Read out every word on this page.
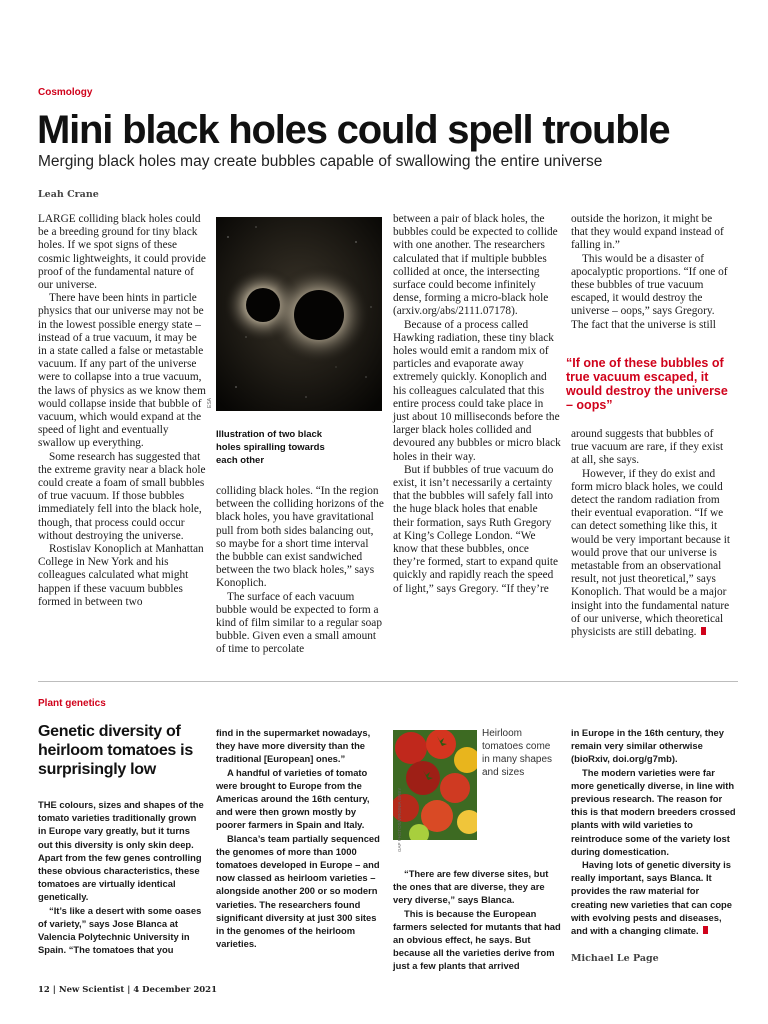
Cosmology
Mini black holes could spell trouble
Merging black holes may create bubbles capable of swallowing the entire universe
Leah Crane

LARGE colliding black holes could be a breeding ground for tiny black holes. If we spot signs of these cosmic lightweights, it could provide proof of the fundamental nature of our universe.

There have been hints in particle physics that our universe may not be in the lowest possible energy state – instead of a true vacuum, it may be in a state called a false or metastable vacuum. If any part of the universe were to collapse into a true vacuum, the laws of physics as we know them would collapse inside that bubble of vacuum, which would expand at the speed of light and eventually swallow up everything.

Some research has suggested that the extreme gravity near a black hole could create a foam of small bubbles of true vacuum. If those bubbles immediately fell into the black hole, though, that process could occur without destroying the universe.

Rostislav Konoplich at Manhattan College in New York and his colleagues calculated what might happen if these vacuum bubbles formed in between two

ESA
Illustration of two black holes spiralling towards each other

colliding black holes. “In the region between the colliding horizons of the black holes, you have gravitational pull from both sides balancing out, so maybe for a short time interval the bubble can exist sandwiched between the two black holes,” says Konoplich.

The surface of each vacuum bubble would be expected to form a kind of film similar to a regular soap bubble. Given even a small amount of time to percolate

between a pair of black holes, the bubbles could be expected to collide with one another. The researchers calculated that if multiple bubbles collided at once, the intersecting surface could become infinitely dense, forming a micro-black hole (arxiv.org/abs/2111.07178).

Because of a process called Hawking radiation, these tiny black holes would emit a random mix of particles and evaporate away extremely quickly. Konoplich and his colleagues calculated that this entire process could take place in just about 10 milliseconds before the larger black holes collided and devoured any bubbles or micro black holes in their way.

But if bubbles of true vacuum do exist, it isn’t necessarily a certainty that the bubbles will safely fall into the huge black holes that enable their formation, says Ruth Gregory at King’s College London. “We know that these bubbles, once they’re formed, start to expand quite quickly and rapidly reach the speed of light,” says Gregory. “If they’re

outside the horizon, it might be that they would expand instead of falling in.”

This would be a disaster of apocalyptic proportions. “If one of these bubbles of true vacuum escaped, it would destroy the universe – oops,” says Gregory. The fact that the universe is still

“If one of these bubbles of true vacuum escaped, it would destroy the universe – oops”

around suggests that bubbles of true vacuum are rare, if they exist at all, she says.

However, if they do exist and form micro black holes, we could detect the random radiation from their eventual evaporation. “If we can detect something like this, it would be very important because it would prove that our universe is metastable from an observational result, not just theoretical,” says Konoplich. That would be a major insight into the fundamental nature of our universe, which theoretical physicists are still debating.

Plant genetics
Genetic diversity of heirloom tomatoes is surprisingly low

THE colours, sizes and shapes of the tomato varieties traditionally grown in Europe vary greatly, but it turns out this diversity is only skin deep. Apart from the few genes controlling these obvious characteristics, these tomatoes are virtually identical genetically.

“It’s like a desert with some oases of variety,” says Jose Blanca at Valencia Polytechnic University in Spain. “The tomatoes that you

find in the supermarket nowadays, they have more diversity than the traditional [European] ones.”

A handful of varieties of tomato were brought to Europe from the Americas around the 16th century, and were then grown mostly by poorer farmers in Spain and Italy.

Blanca’s team partially sequenced the genomes of more than 1000 tomatoes developed in Europe – and now classed as heirloom varieties – alongside another 200 or so modern varieties. The researchers found significant diversity at just 300 sites in the genomes of the heirloom varieties.

GAP PHOTOS/VIRGINIA GREY
Heirloom tomatoes come in many shapes and sizes

“There are few diverse sites, but the ones that are diverse, they are very diverse,” says Blanca.

This is because the European farmers selected for mutants that had an obvious effect, he says. But because all the varieties derive from just a few plants that arrived

in Europe in the 16th century, they remain very similar otherwise (bioRxiv, doi.org/g7mb).

The modern varieties were far more genetically diverse, in line with previous research. The reason for this is that modern breeders crossed plants with wild varieties to reintroduce some of the variety lost during domestication.

Having lots of genetic diversity is really important, says Blanca. It provides the raw material for creating new varieties that can cope with evolving pests and diseases, and with a changing climate.

Michael Le Page
12 | New Scientist | 4 December 2021
